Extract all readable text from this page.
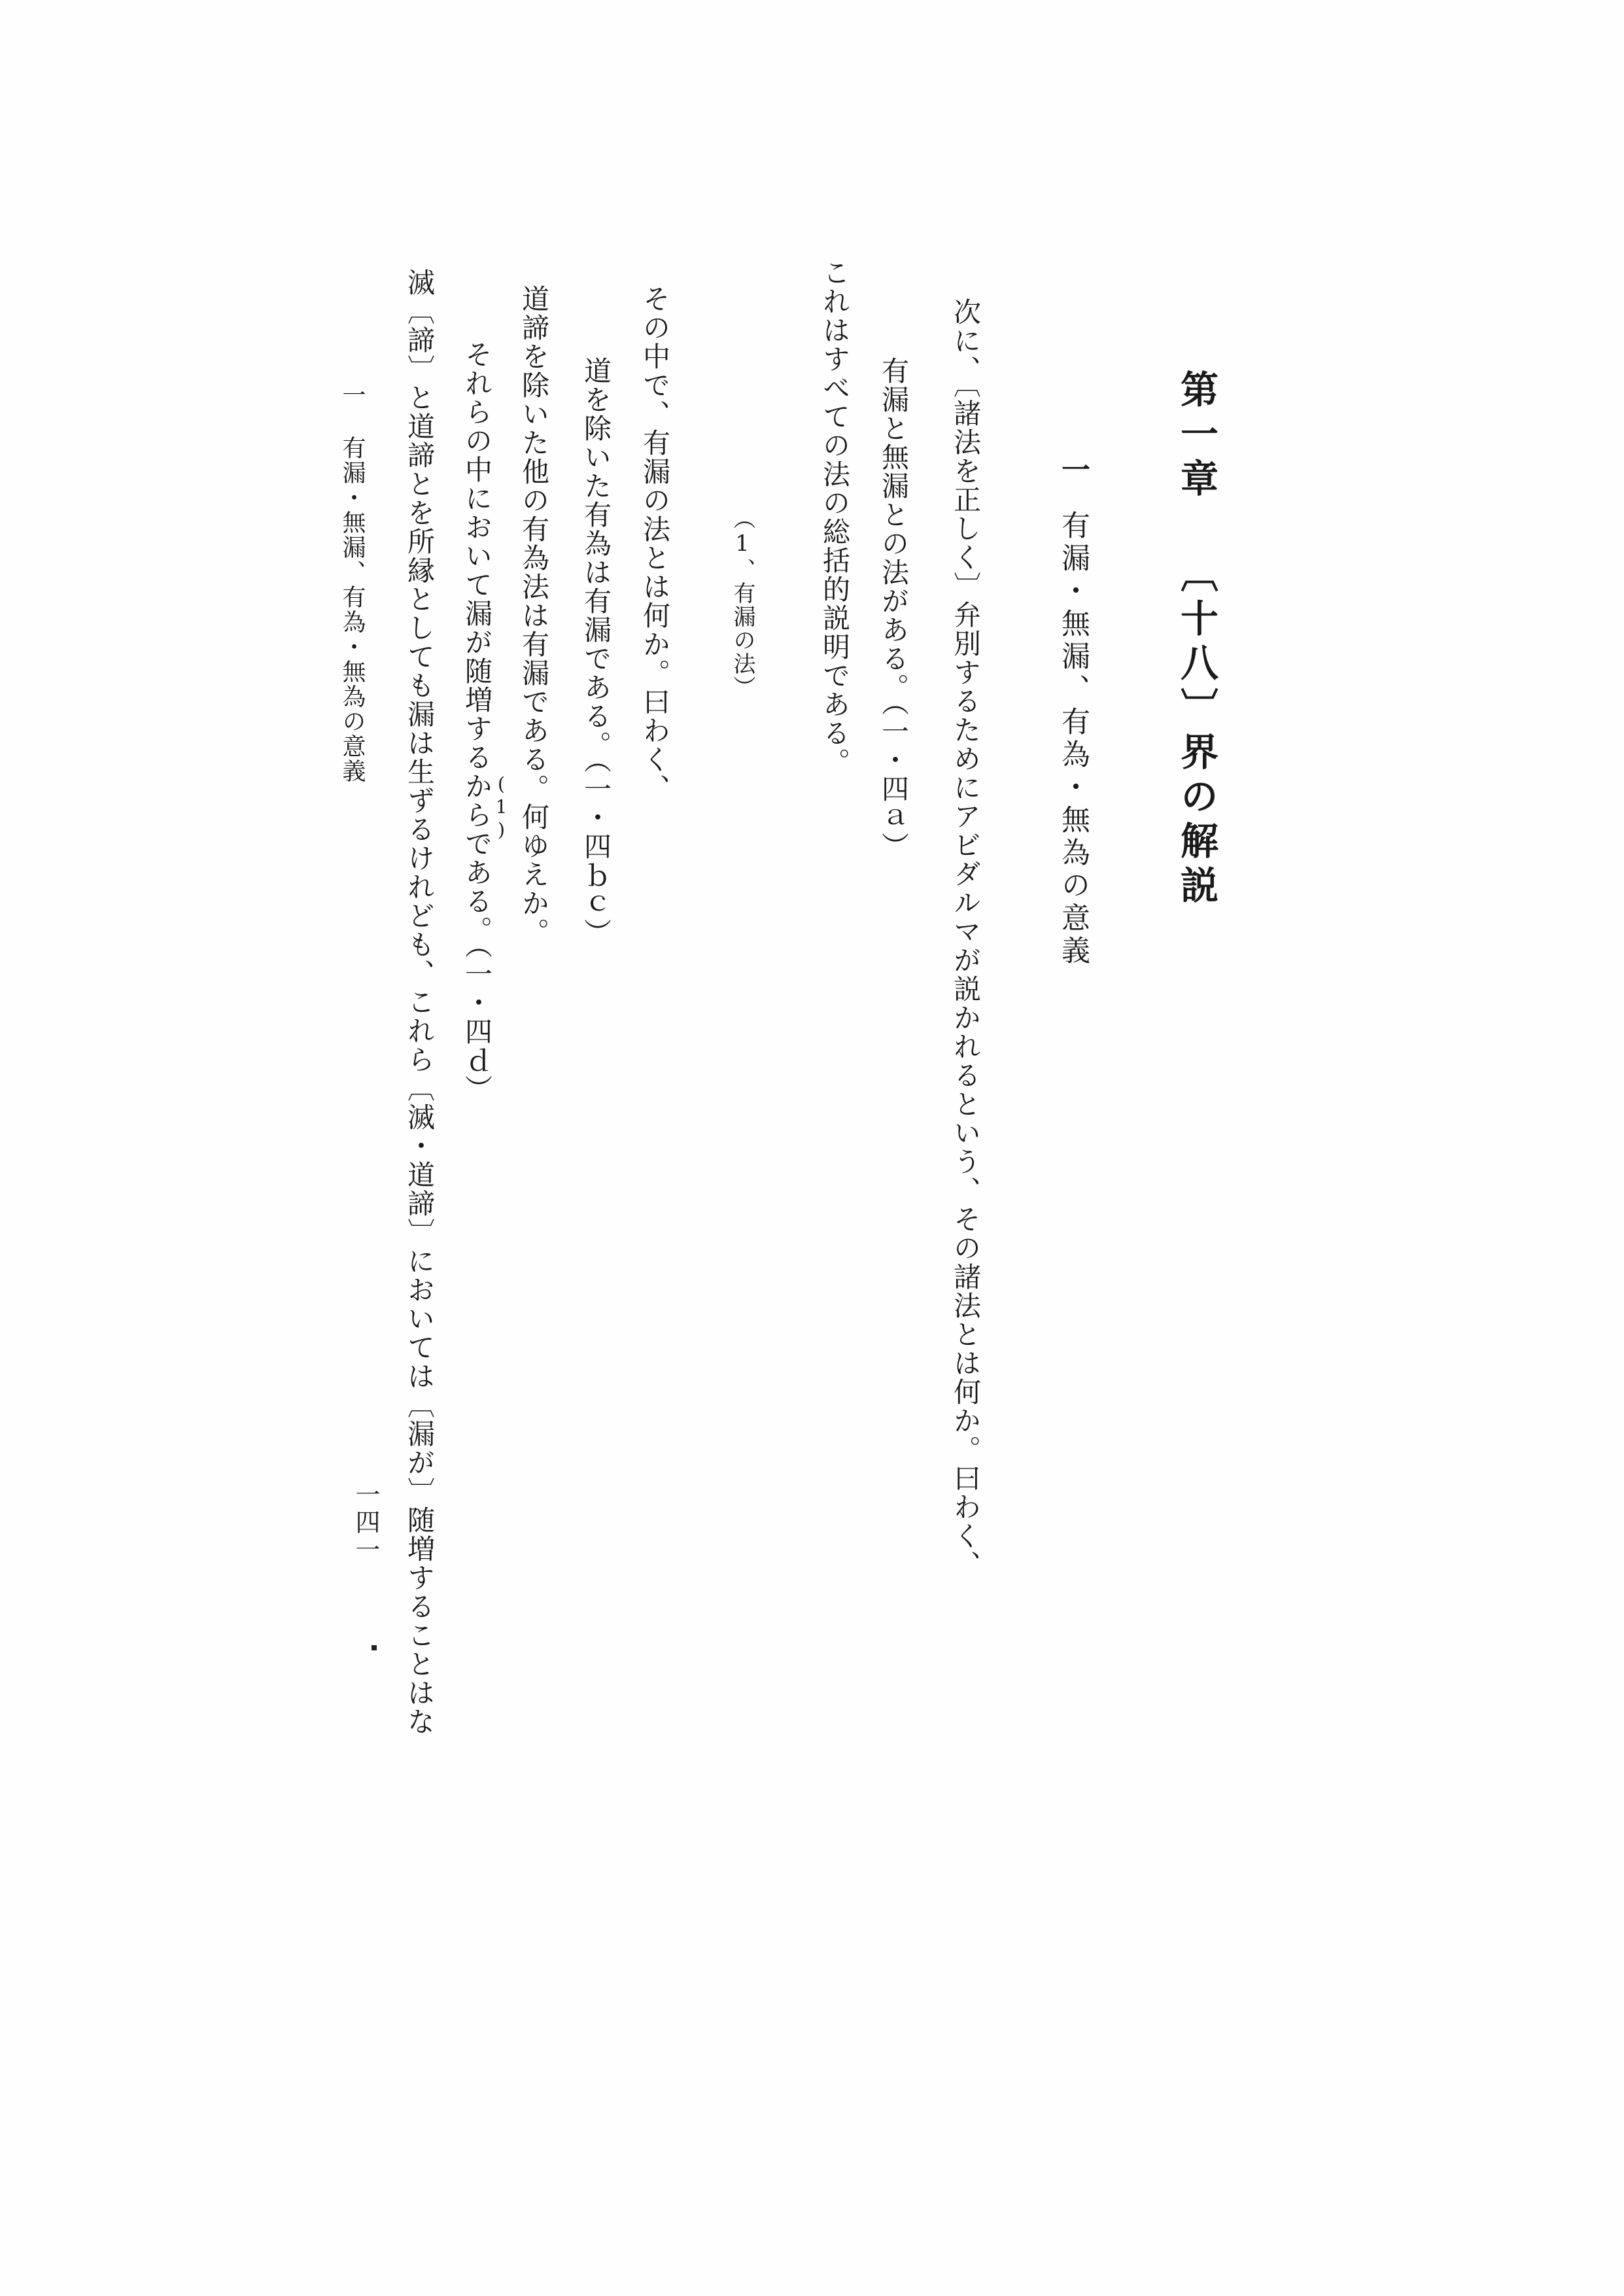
第一章 〔十八〕界の解説
一
有漏・無漏、有為・無為の意義
次に、〔諸法を正しく〕弁別するためにアビダルマが説かれるという、その諸法とは何か。曰わく、
有漏と無漏との法がある。（一・四ａ）
これはすべての法の総括的説明である。
（1、有漏の法）
その中で、有漏の法とは何か。曰わく、
道を除いた有為は有漏である。（一・四ｂｃ）
道諦を除いた他の有為法は有漏である。何ゆえか。
それらの中において漏が随増するからである。（一・四ｄ）
(1)
滅〔諦〕と道諦とを所縁としても漏は生ずるけれども、これら〔滅・道諦〕においては〔漏が〕随増することはな
一 有漏・無漏、有為・無為の意義
一四一
